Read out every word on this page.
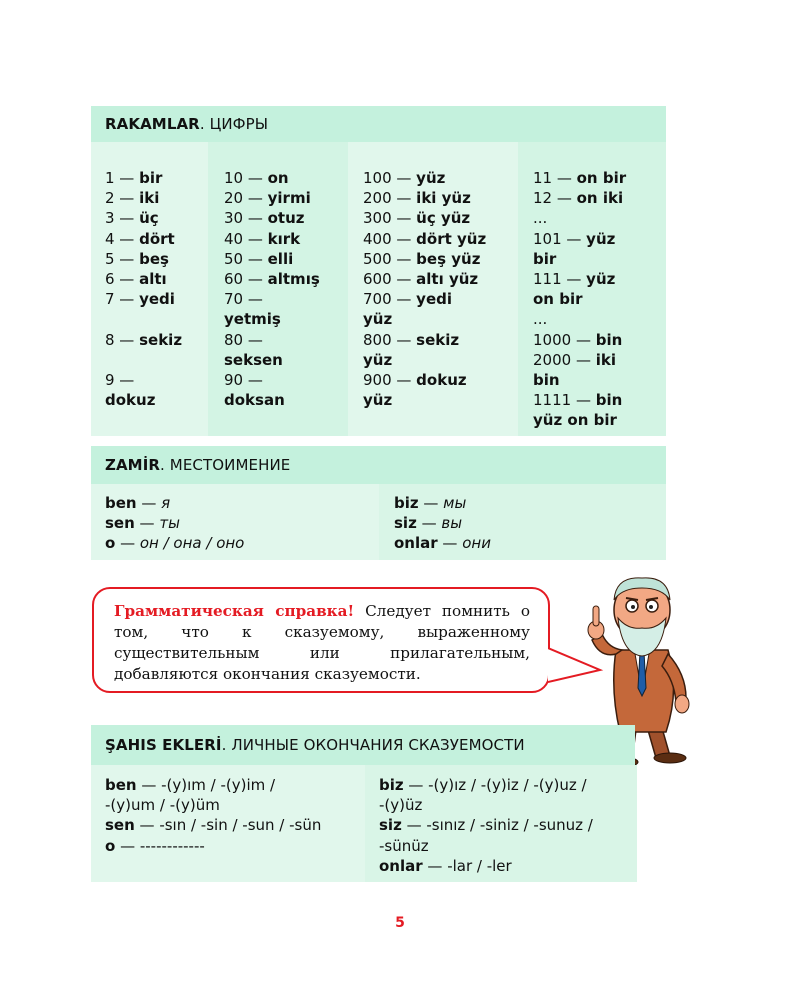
RAKAMLAR . ЦИФРЫ
1 — bir
2 — iki
3 — üç
4 — dört
5 — beş
6 — altı
7 — yedi
8 — sekiz
9 —
dokuz
10 — on
20 — yirmi
30 — otuz
40 — kırk
50 — elli
60 — altmış
70 —
yetmiş
80 —
seksen
90 —
doksan
100 — yüz
200 — iki yüz
300 — üç yüz
400 — dört yüz
500 — beş yüz
600 — altı yüz
700 — yedi
yüz
800 — sekiz
yüz
900 — dokuz
yüz
11 — on bir
12 — on iki
...
101 — yüz
bir
111 — yüz
on bir
...
1000 — bin
2000 — iki
bin
1111 — bin
yüz on bir
ZAMİR . МЕСТОИМЕНИЕ
ben — я
sen — ты
o — он / она / оно
biz — мы
siz — вы
onlar — они

Грамматическая справка! Следует помнить о том, что к сказуемому, выраженному существительным или прилагательным, добавляются окончания сказуемости.

ŞAHIS EKLERİ . ЛИЧНЫЕ ОКОНЧАНИЯ СКАЗУЕМОСТИ
ben — -(y)ım / -(y)im /
-(y)um / -(y)üm
sen — -sın / -sin / -sun / -sün
o — ------------
biz — -(y)ız / -(y)iz / -(y)uz /
-(y)üz
siz — -sınız / -siniz / -sunuz /
-sünüz
onlar — -lar / -ler
5
